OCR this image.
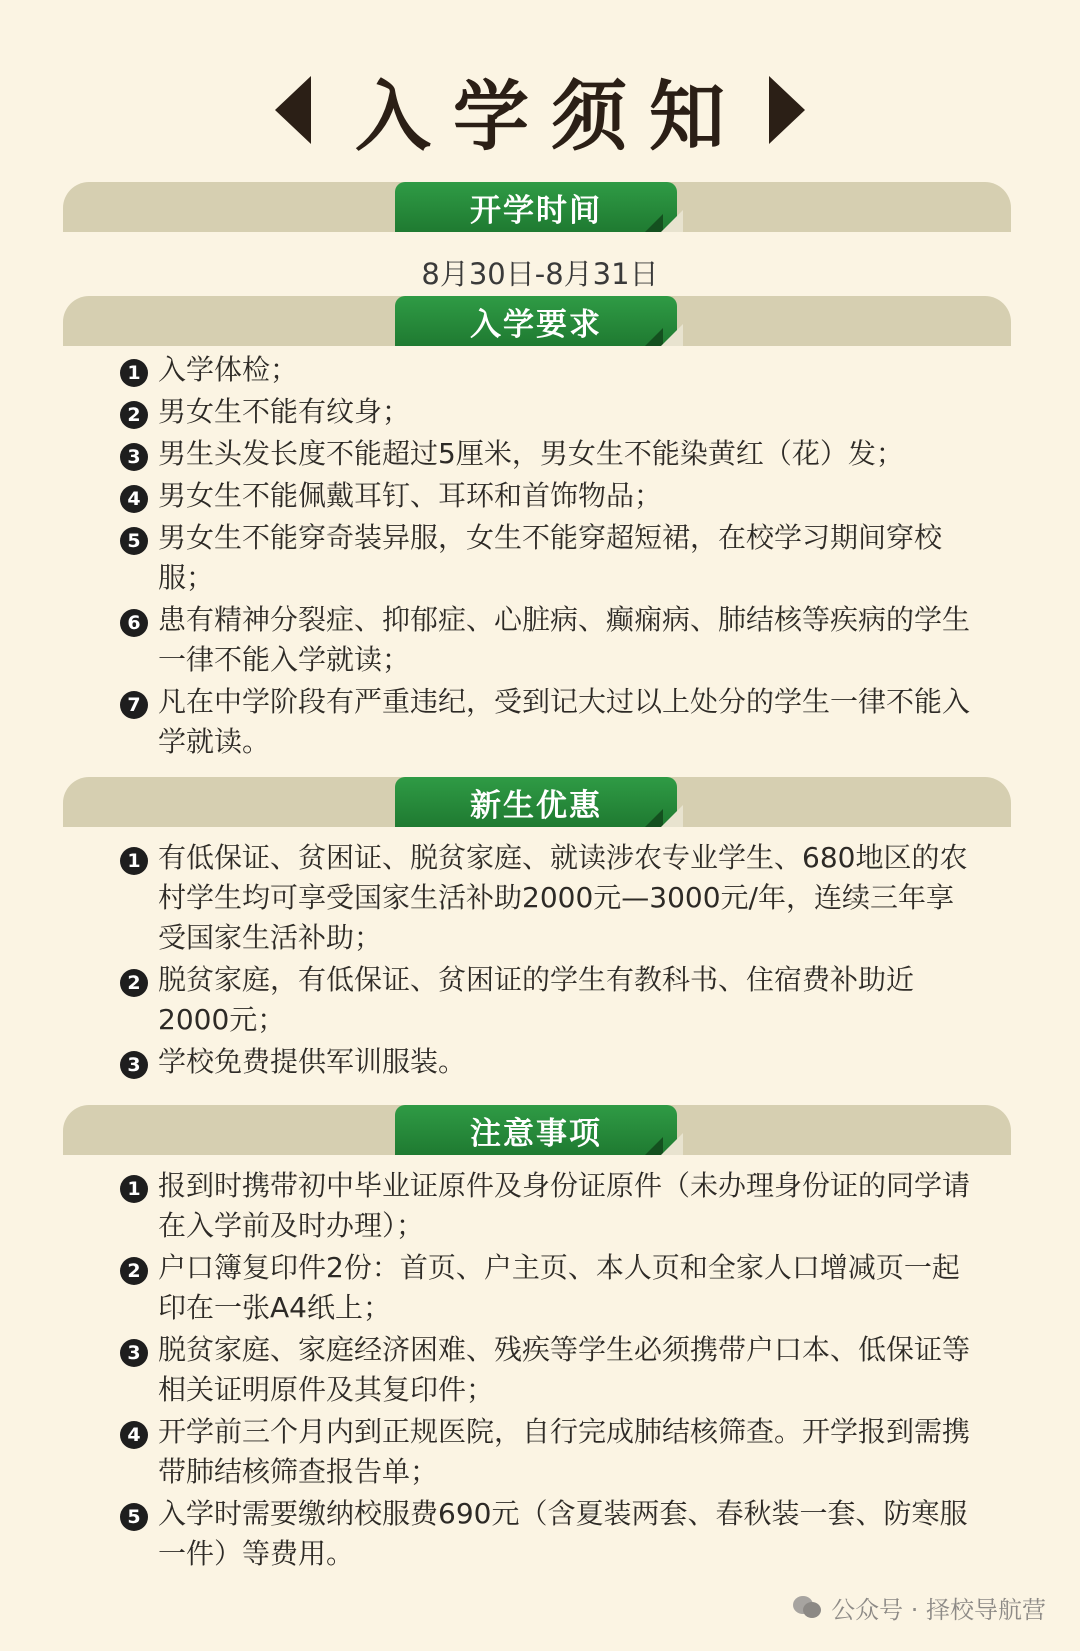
入学须知
开学时间
8月30日-8月31日
入学要求
1 入学体检；
2 男女生不能有纹身；
3 男生头发长度不能超过5厘米，男女生不能染黄红（花）发；
4 男女生不能佩戴耳钉、耳环和首饰物品；
5 男女生不能穿奇装异服，女生不能穿超短裙，在校学习期间穿校服；
6 患有精神分裂症、抑郁症、心脏病、癫痫病、肺结核等疾病的学生一律不能入学就读；
7 凡在中学阶段有严重违纪，受到记大过以上处分的学生一律不能入学就读。
新生优惠
1 有低保证、贫困证、脱贫家庭、就读涉农专业学生、680地区的农村学生均可享受国家生活补助2000元—3000元/年，连续三年享受国家生活补助；
2 脱贫家庭，有低保证、贫困证的学生有教科书、住宿费补助近2000元；
3 学校免费提供军训服装。
注意事项
1 报到时携带初中毕业证原件及身份证原件（未办理身份证的同学请在入学前及时办理）；
2 户口簿复印件2份：首页、户主页、本人页和全家人口增减页一起印在一张A4纸上；
3 脱贫家庭、家庭经济困难、残疾等学生必须携带户口本、低保证等相关证明原件及其复印件；
4 开学前三个月内到正规医院，自行完成肺结核筛查。开学报到需携带肺结核筛查报告单；
5 入学时需要缴纳校服费690元（含夏装两套、春秋装一套、防寒服一件）等费用。
公众号 · 择校导航营
